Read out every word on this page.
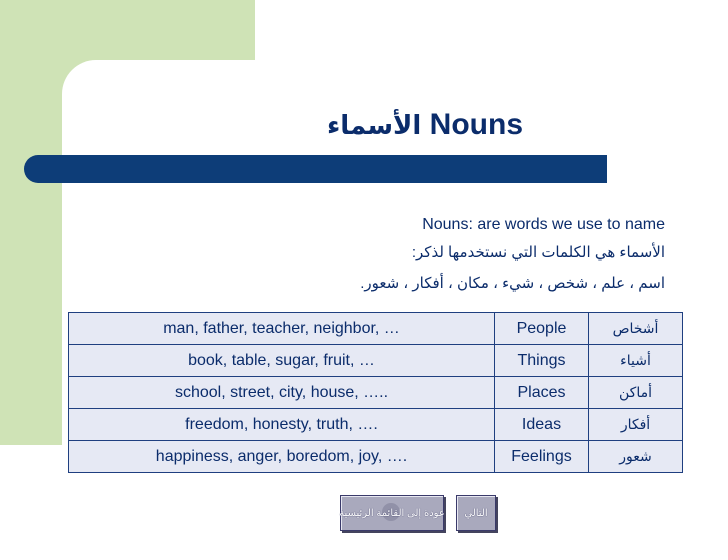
الأسماء Nouns
Nouns: are words we use to name
الأسماء هي الكلمات التي نستخدمها لذكر:
اسم ، علم ، شخص ، شيء ، مكان ، أفكار ، شعور.
man, father, teacher, neighbor, …	People	أشخاص
book, table, sugar, fruit, …	Things	أشياء
school, street, city, house, …..	Places	أماكن
freedom, honesty, truth, ….	Ideas	أفكار
happiness, anger, boredom, joy, ….	Feelings	شعور
عودة إلى القائمة الرئيسية التالي
